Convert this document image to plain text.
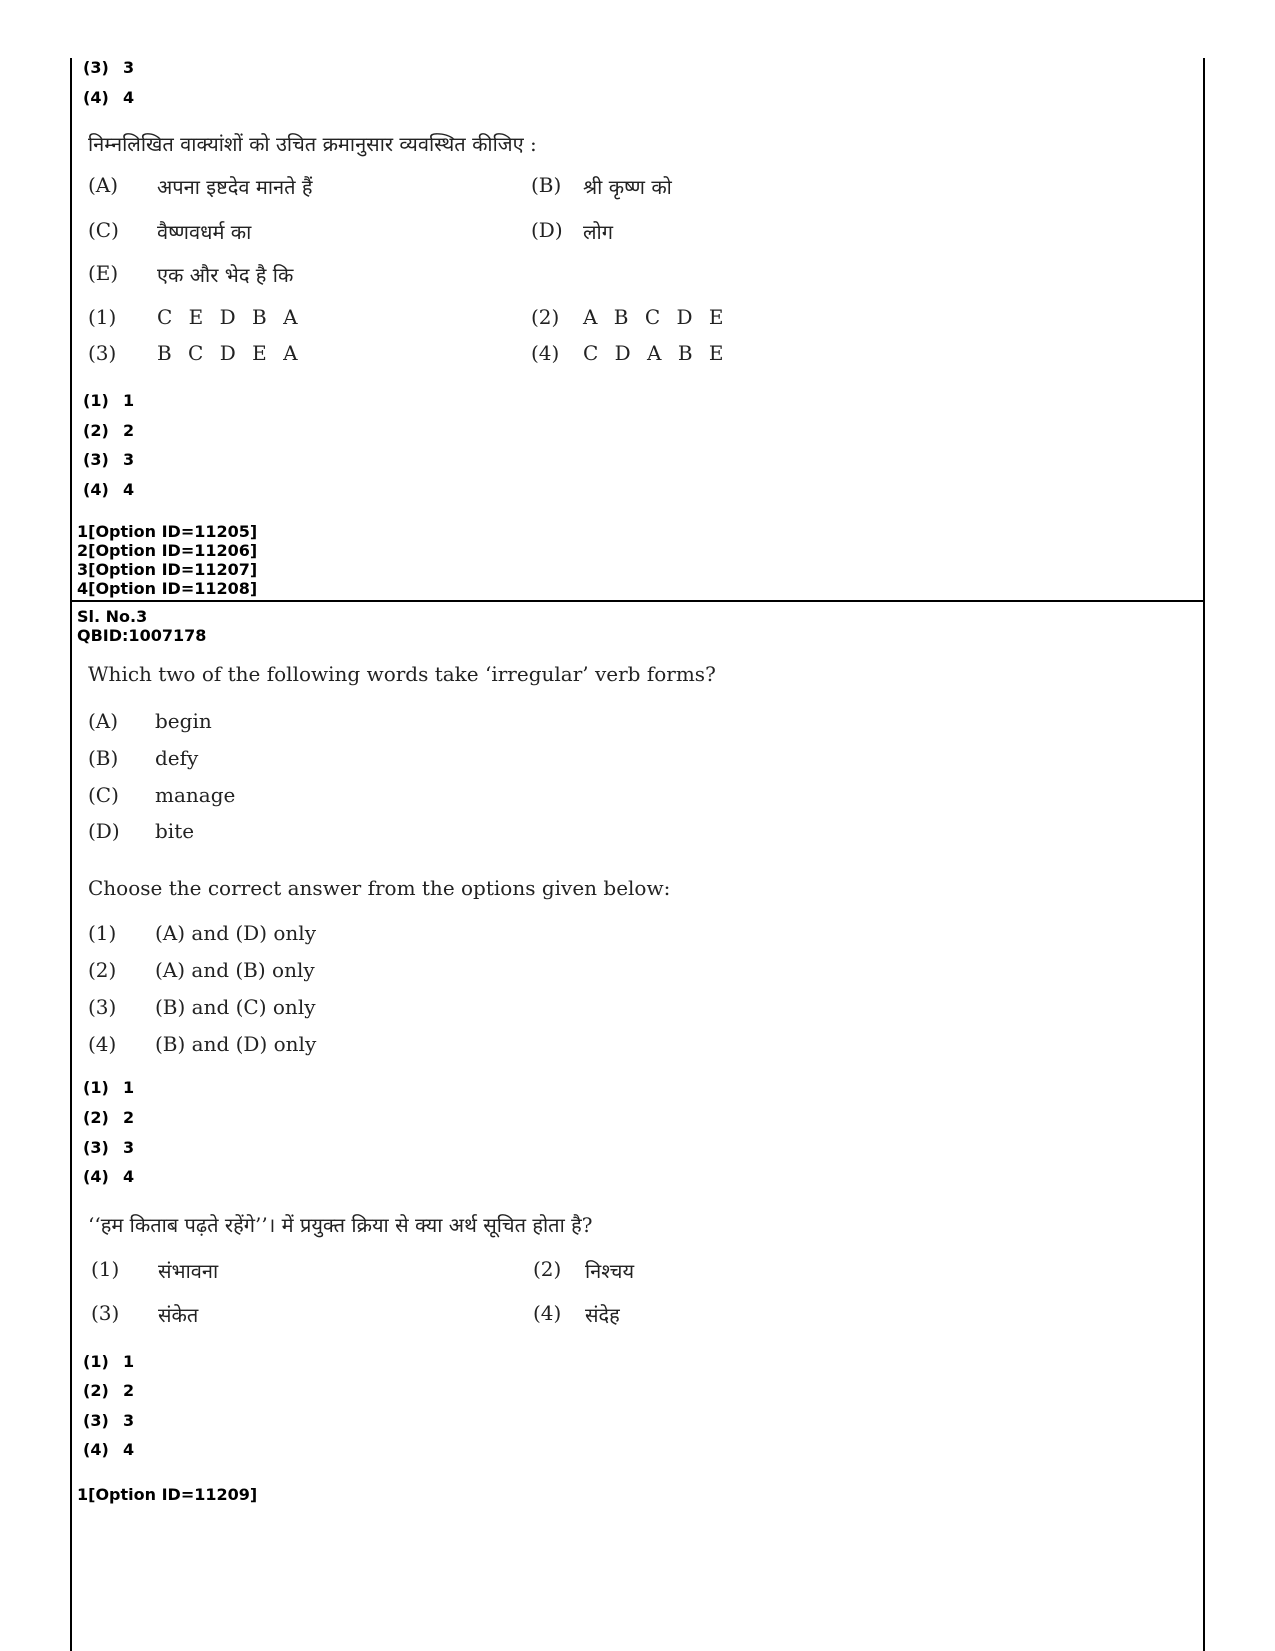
(3) 3
(4) 4
निम्नलिखित वाक्यांशों को उचित क्रमानुसार व्यवस्थित कीजिए :
(A) अपना इष्टदेव मानते हैं	(B) श्री कृष्ण को
(C) वैष्णवधर्म का	(D) लोग
(E) एक और भेद है कि
(1) C E D B A	(2) A B C D E
(3) B C D E A	(4) C D A B E
(1) 1
(2) 2
(3) 3
(4) 4
1[Option ID=11205]
2[Option ID=11206]
3[Option ID=11207]
4[Option ID=11208]
Sl. No.3
QBID:1007178
Which two of the following words take ‘irregular’ verb forms?
(A) begin
(B) defy
(C) manage
(D) bite
Choose the correct answer from the options given below:
(1) (A) and (D) only
(2) (A) and (B) only
(3) (B) and (C) only
(4) (B) and (D) only
(1) 1
(2) 2
(3) 3
(4) 4
‘‘हम किताब पढ़ते रहेंगे’’। में प्रयुक्त क्रिया से क्या अर्थ सूचित होता है?
(1) संभावना	(2) निश्चय
(3) संकेत	(4) संदेह
(1) 1
(2) 2
(3) 3
(4) 4
1[Option ID=11209]
